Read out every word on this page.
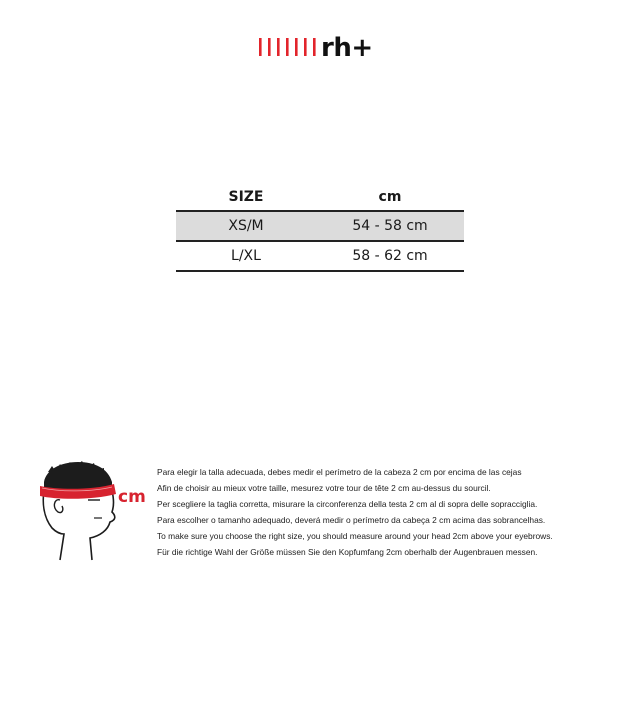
rh+
SIZE	cm
XS/M	54 - 58 cm
L/XL	58 - 62 cm
cm
Para elegir la talla adecuada, debes medir el perímetro de la cabeza 2 cm por encima de las cejas
Afin de choisir au mieux votre taille, mesurez votre tour de tête 2 cm au-dessus du sourcil.
Per scegliere la taglia corretta, misurare la circonferenza della testa 2 cm al di sopra delle sopracciglia.
Para escolher o tamanho adequado, deverá medir o perímetro da cabeça 2 cm acima das sobrancelhas.
To make sure you choose the right size, you should measure around your head 2cm above your eyebrows.
Für die richtige Wahl der Größe müssen Sie den Kopfumfang 2cm oberhalb der Augenbrauen messen.
